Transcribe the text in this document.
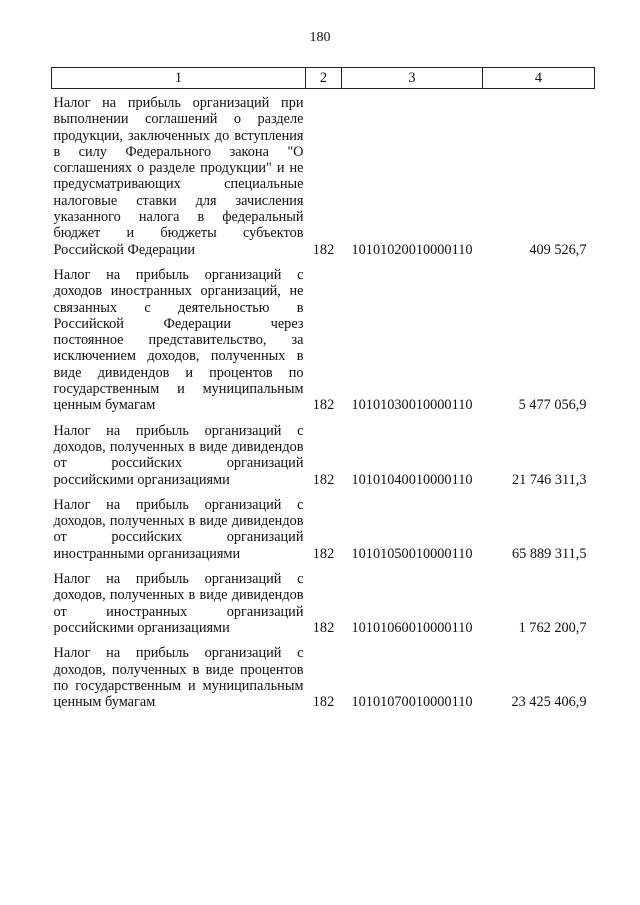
180
1	2	3	4
Налог на прибыль организаций при выполнении соглашений о разделе продукции, заключенных до вступления в силу Федерального закона "О соглашениях о разделе продукции" и не предусматривающих специальные налоговые ставки для зачисления указанного налога в федеральный бюджет и бюджеты субъектов Российской Федерации	182	10101020010000110	409 526,7
Налог на прибыль организаций с доходов иностранных организаций, не связанных с деятельностью в Российской Федерации через постоянное представительство, за исключением доходов, полученных в виде дивидендов и процентов по государственным и муниципальным ценным бумагам	182	10101030010000110	5 477 056,9
Налог на прибыль организаций с доходов, полученных в виде дивидендов от российских организаций российскими организациями	182	10101040010000110	21 746 311,3
Налог на прибыль организаций с доходов, полученных в виде дивидендов от российских организаций иностранными организациями	182	10101050010000110	65 889 311,5
Налог на прибыль организаций с доходов, полученных в виде дивидендов от иностранных организаций российскими организациями	182	10101060010000110	1 762 200,7
Налог на прибыль организаций с доходов, полученных в виде процентов по государственным и муниципальным ценным бумагам	182	10101070010000110	23 425 406,9
